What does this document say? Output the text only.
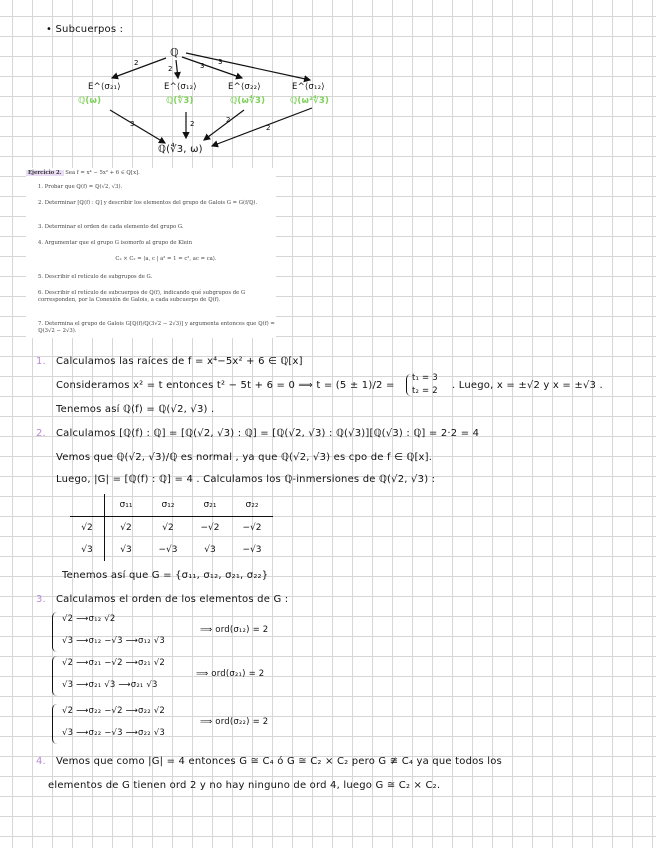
• Subcuerpos :
2
2	3 3
3	2	2
2
ℚ
E^⟨σ₂₁⟩
ℚ(ω)
E^⟨σ₁₂⟩
ℚ(∜3)
E^⟨σ₂₂⟩
ℚ(ω∜3)
E^⟨σ₁₂⟩
ℚ(ω²∜3)
ℚ(∜3, ω)
Ejercicio 2. Sea f = x⁴ − 5x² + 6 ∈ ℚ[x].
1. Probar que ℚ(f) = ℚ(√2, √3).
2. Determinar [ℚ(f) : ℚ] y describir los elementos del grupo de Galois G = G(f/ℚ).
3. Determinar el orden de cada elemento del grupo G.
4. Argumentar que el grupo G isomorfo al grupo de Klein
C₂ × C₂ = ⟨a, c | a² = 1 = c², ac = ca⟩.
5. Describir el retículo de subgrupos de G.
6. Describir el retículo de subcuerpos de ℚ(f), indicando qué subgrupos de G corresponden, por la Conexión de Galois, a cada subcuerpo de ℚ(f).
7. Determina el grupo de Galois G[ℚ(f)/ℚ(3√2 − 2√3)] y argumenta entonces que ℚ(f) = ℚ(3√2 − 2√3).
1. Calculamos las raíces de f = x⁴−5x² + 6 ∈ ℚ[x]
Consideramos x² = t entonces t² − 5t + 6 = 0 ⟹ t = (5 ± 1)/2 =
t₁ = 3
t₂ = 2 . Luego, x = ±√2 y x = ±√3 .
Tenemos así ℚ(f) = ℚ(√2, √3) .
2. Calculamos [ℚ(f) : ℚ] = [ℚ(√2, √3) : ℚ] = [ℚ(√2, √3) : ℚ(√3)][ℚ(√3) : ℚ] = 2·2 = 4
Vemos que ℚ(√2, √3)/ℚ es normal , ya que ℚ(√2, √3) es cpo de f ∈ ℚ[x].
Luego, |G| = [ℚ(f) : ℚ] = 4 . Calculamos los ℚ-inmersiones de ℚ(√2, √3) :
	σ₁₁	σ₁₂	σ₂₁	σ₂₂
√2	√2	√2	−√2	−√2
√3	√3	−√3	√3	−√3
Tenemos así que G = {σ₁₁, σ₁₂, σ₂₁, σ₂₂}
3. Calculamos el orden de los elementos de G :
√2 ⟶σ₁₂ √2
√3 ⟶σ₁₂ −√3 ⟶σ₁₂ √3
⟹ ord(σ₁₂) = 2
√2 ⟶σ₂₁ −√2 ⟶σ₂₁ √2
√3 ⟶σ₂₁ √3 ⟶σ₂₁ √3
⟹ ord(σ₂₁) = 2
√2 ⟶σ₂₂ −√2 ⟶σ₂₂ √2
√3 ⟶σ₂₂ −√3 ⟶σ₂₂ √3
⟹ ord(σ₂₂) = 2
4. Vemos que como |G| = 4 entonces G ≅ C₄ ó G ≅ C₂ × C₂ pero G ≇ C₄ ya que todos los
elementos de G tienen ord 2 y no hay ninguno de ord 4, luego G ≅ C₂ × C₂.
